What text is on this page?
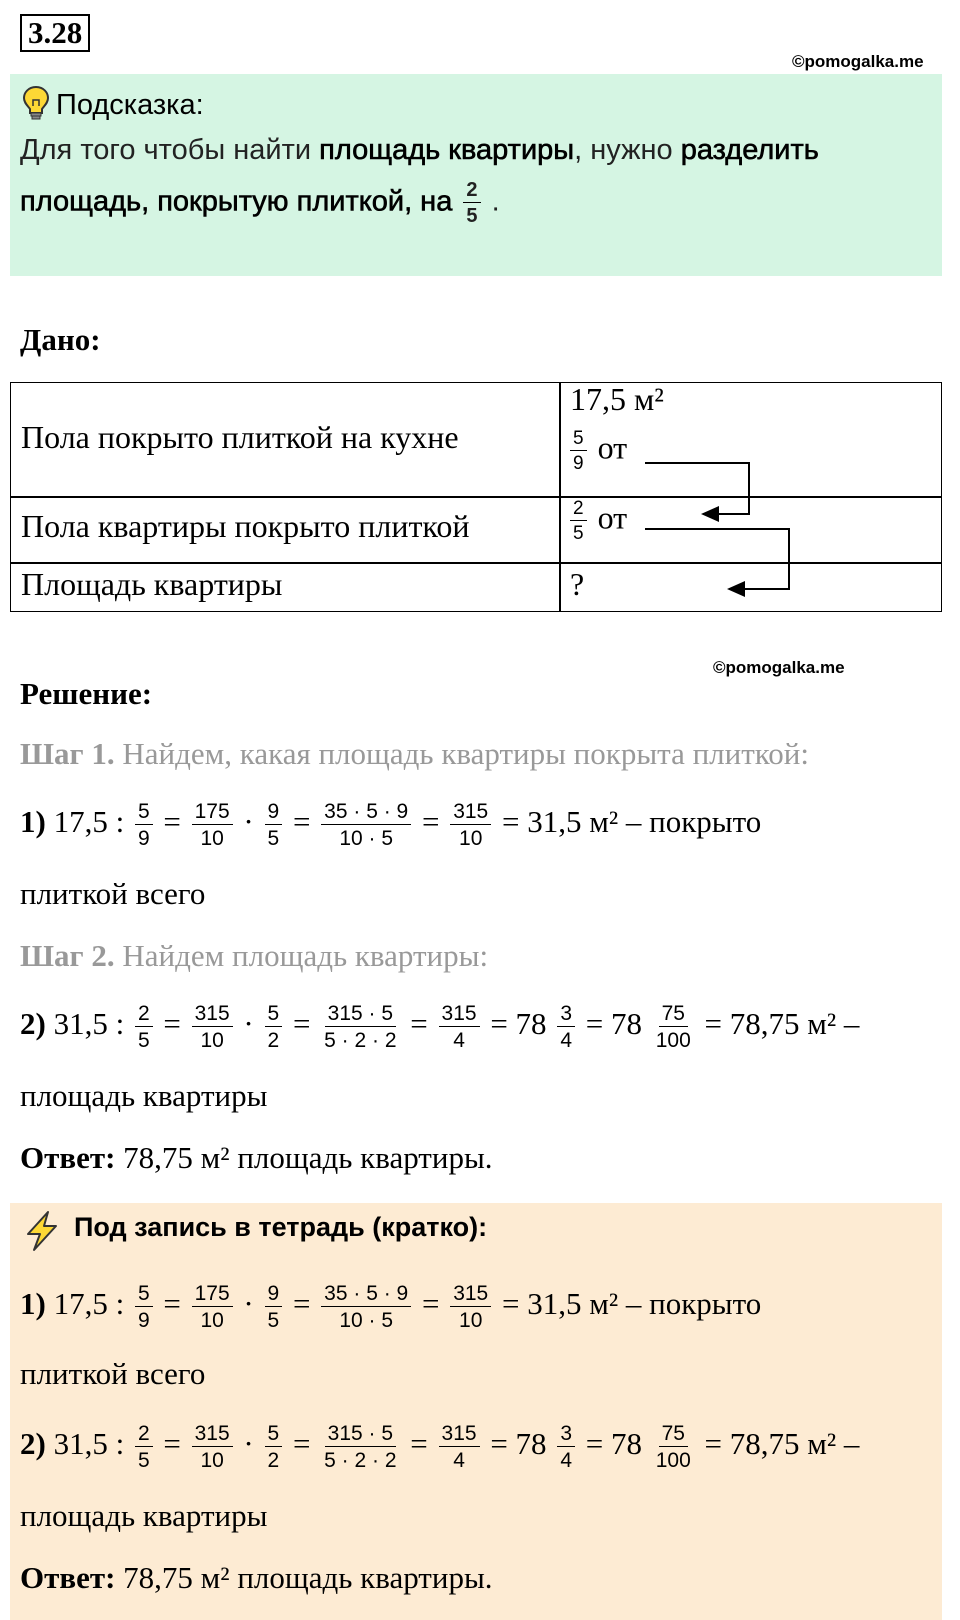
3.28
©pomogalka.me
Подсказка:
Для того чтобы найти площадь квартиры, нужно разделить
площадь, покрытую плиткой, на $\frac{2}{5}$ .
Дано:
Пола покрыто плиткой на кухне
17,5 м²
$\frac{5}{9}$ от
Пола квартиры покрыто плиткой	$\frac{2}{5}$ от
Площадь квартиры	?
©pomogalka.me
Решение:
Шаг 1. Найдем, какая площадь квартиры покрыта плиткой:
1) 17,5 : $\frac{5}{9} = \frac{175}{10} \cdot \frac{9}{5} = \frac{35 \cdot 5 \cdot 9}{10 \cdot 5} = \frac{315}{10} = 31,5$ м² – покрыто
плиткой всего
Шаг 2. Найдем площадь квартиры:
2) 31,5 : $\frac{2}{5} = \frac{315}{10} \cdot \frac{5}{2} = \frac{315 \cdot 5}{5 \cdot 2 \cdot 2} = \frac{315}{4} = 78 \frac{3}{4} = 78 \frac{75}{100} = 78,75$ м² –
площадь квартиры
Ответ: 78,75 м² площадь квартиры.
Под запись в тетрадь (кратко):
1) 17,5 : $\frac{5}{9} = \frac{175}{10} \cdot \frac{9}{5} = \frac{35 \cdot 5 \cdot 9}{10 \cdot 5} = \frac{315}{10} = 31,5$ м² – покрыто
плиткой всего
2) 31,5 : $\frac{2}{5} = \frac{315}{10} \cdot \frac{5}{2} = \frac{315 \cdot 5}{5 \cdot 2 \cdot 2} = \frac{315}{4} = 78 \frac{3}{4} = 78 \frac{75}{100} = 78,75$ м² –
площадь квартиры
Ответ: 78,75 м² площадь квартиры.
